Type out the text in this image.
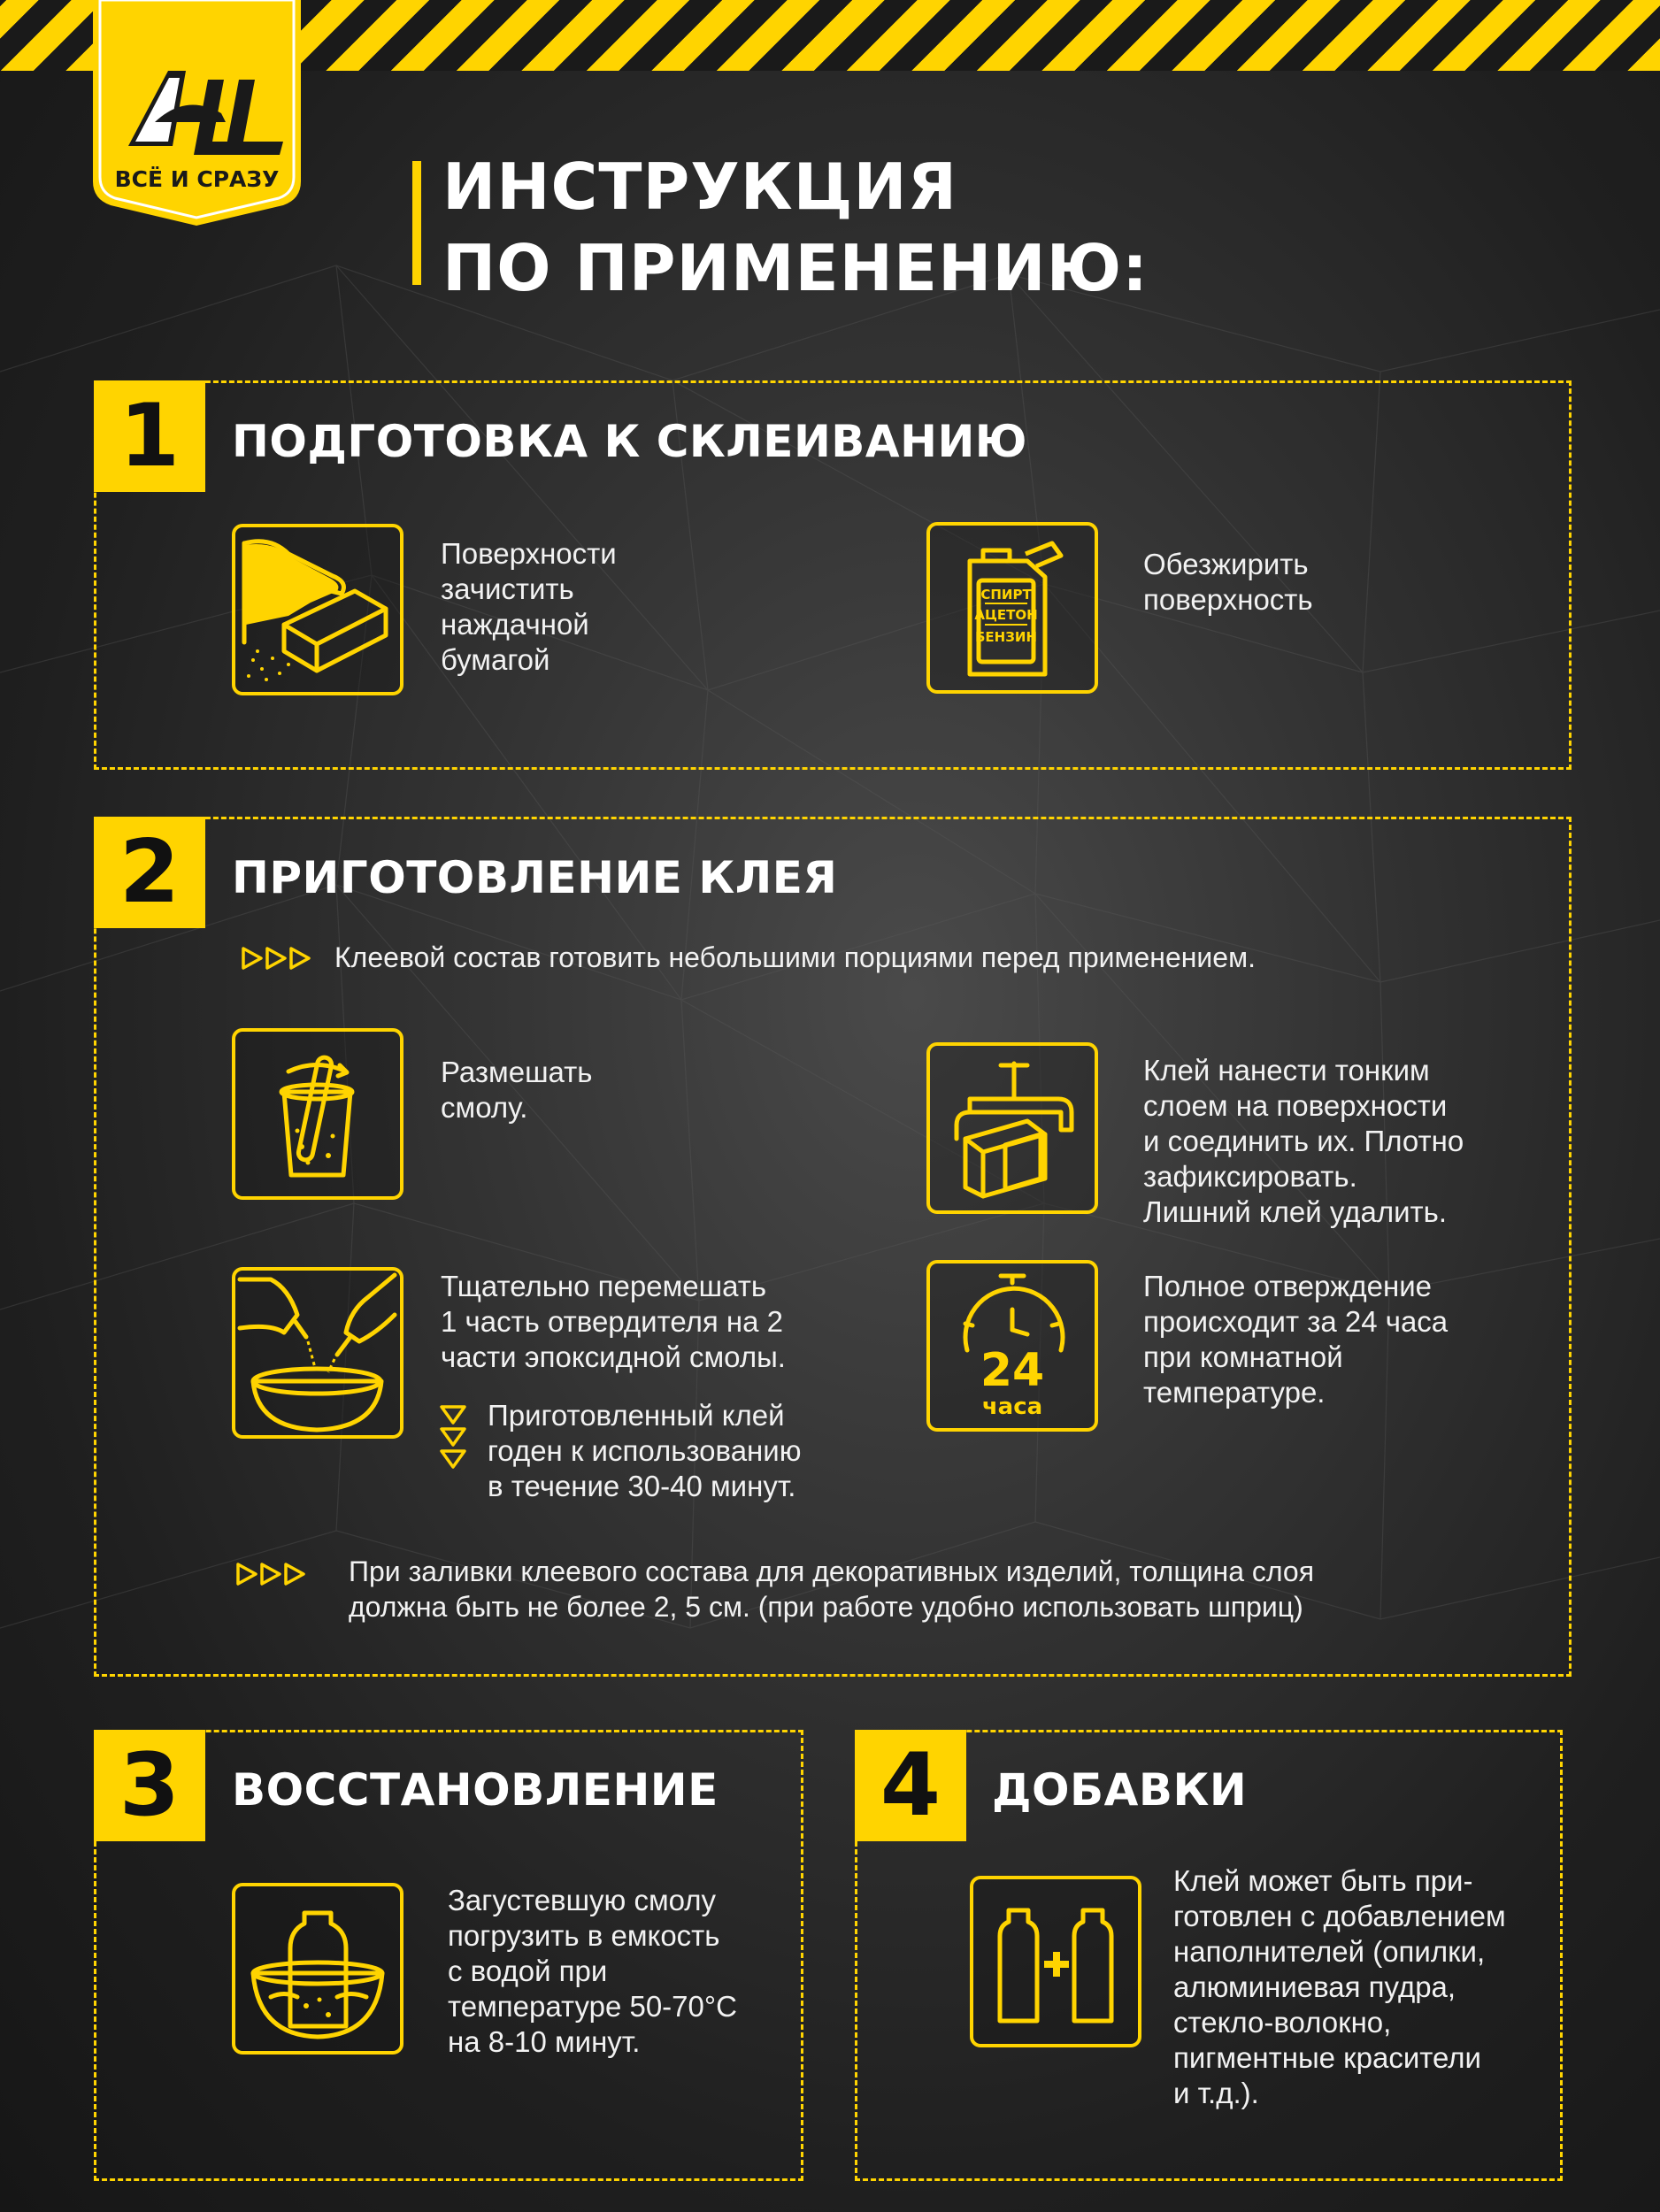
ВСЁ И СРАЗУ	ИНСТРУКЦИЯ
ПО ПРИМЕНЕНИЮ:
1	ПОДГОТОВКА К СКЛЕИВАНИЮ
Поверхности
зачистить
наждачной
бумагой
СПИРТ
АЦЕТОН
БЕНЗИН
Обезжирить
поверхность
2	ПРИГОТОВЛЕНИЕ КЛЕЯ
Клеевой состав готовить небольшими порциями перед применением.
Размешать
смолу.
Клей нанести тонким
слоем на поверхности
и соединить их. Плотно
зафиксировать.
Лишний клей удалить.
Тщательно перемешать
1 часть отвердителя на 2
части эпоксидной смолы.
Приготовленный клей
годен к использованию
в течение 30-40 минут.
24
часа
Полное отверждение
происходит за 24 часа
при комнатной
температуре.
При заливки клеевого состава для декоративных изделий, толщина слоя
должна быть не более 2, 5 см. (при работе удобно использовать шприц)
3	ВОССТАНОВЛЕНИЕ
Загустевшую смолу
погрузить в емкость
с водой при
температуре 50-70°C
на 8-10 минут.
4	ДОБАВКИ
Клей может быть при-
готовлен с добавлением
наполнителей (опилки,
алюминиевая пудра,
стекло-волокно,
пигментные красители
и т.д.).
